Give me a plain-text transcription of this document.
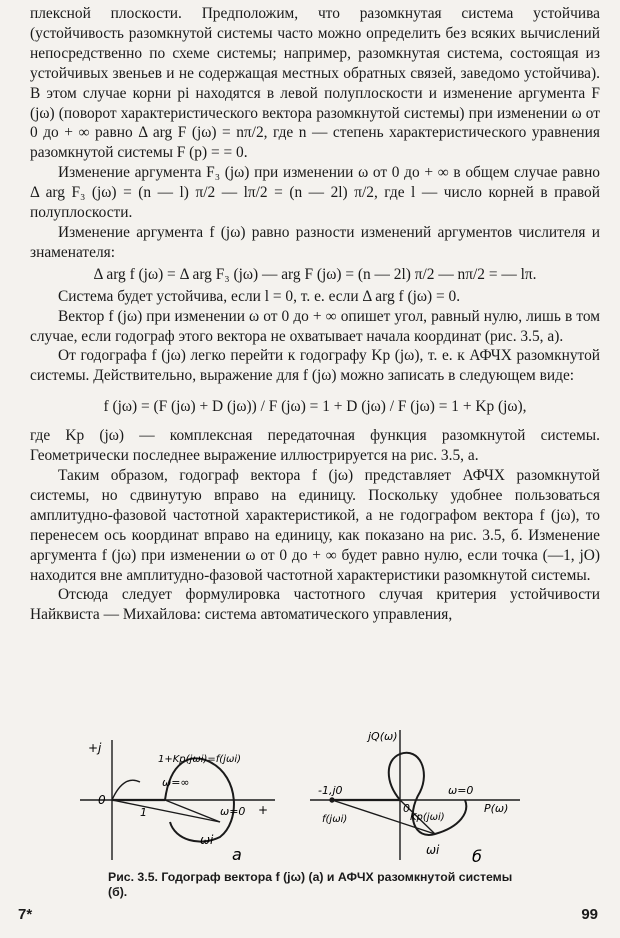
плексной плоскости. Предположим, что разомкнутая система устойчива (устойчивость разомкнутой системы часто можно определить без всяких вычислений непосредственно по схеме системы; например, разомкнутая система, состоящая из устойчивых звеньев и не содержащая местных обратных связей, заведомо устойчива). В этом случае корни pi находятся в левой полуплоскости и изменение аргумента F (jω) (поворот характеристического вектора разомкнутой системы) при изменении ω от 0 до + ∞ равно Δ arg F (jω) = nπ/2, где n — степень характеристического уравнения разомкнутой системы F (p) = = 0.

Изменение аргумента F₃ (jω) при изменении ω от 0 до + ∞ в общем случае равно Δ arg F₃ (jω) = (n — l) π/2 — lπ/2 = (n — 2l) π/2, где l — число корней в правой полуплоскости.

Изменение аргумента f (jω) равно разности изменений аргументов числителя и знаменателя:

Δ arg f (jω) = Δ arg F₃ (jω) — arg F (jω) = (n — 2l) π/2 — nπ/2 = — lπ.

Система будет устойчива, если l = 0, т. е. если Δ arg f (jω) = 0.

Вектор f (jω) при изменении ω от 0 до + ∞ опишет угол, равный нулю, лишь в том случае, если годограф этого вектора не охватывает начала координат (рис. 3.5, а).

От годографа f (jω) легко перейти к годографу Kр (jω), т. е. к АФЧХ разомкнутой системы. Действительно, выражение для f (jω) можно записать в следующем виде:

f (jω) = (F (jω) + D (jω)) / F (jω) = 1 + D (jω) / F (jω) = 1 + Kр (jω),

где Kр (jω) — комплексная передаточная функция разомкнутой системы. Геометрически последнее выражение иллюстрируется на рис. 3.5, а.

Таким образом, годограф вектора f (jω) представляет АФЧХ разомкнутой системы, но сдвинутую вправо на единицу. Поскольку удобнее пользоваться амплитудно-фазовой частотной характеристикой, а не годографом вектора f (jω), то перенесем ось координат вправо на единицу, как показано на рис. 3.5, б. Изменение аргумента f (jω) при изменении ω от 0 до + ∞ будет равно нулю, если точка (—1, jO) находится вне амплитудно-фазовой частотной характеристики разомкнутой системы.

Отсюда следует формулировка частотного случая критерия устойчивости Найквиста — Михайлова: система автоматического управления,

+j
0
1+Kр(jωi)=f(jωi)
ω=∞
ω=0 +
ωi
1
а
jQ(ω)
-1,j0
0
ω=0
P(ω)
f(jωi)	Kр(jωi)
ωi б
Рис. 3.5. Годограф вектора f (jω) (а) и АФЧХ разомкнутой системы (б).
7*	99
